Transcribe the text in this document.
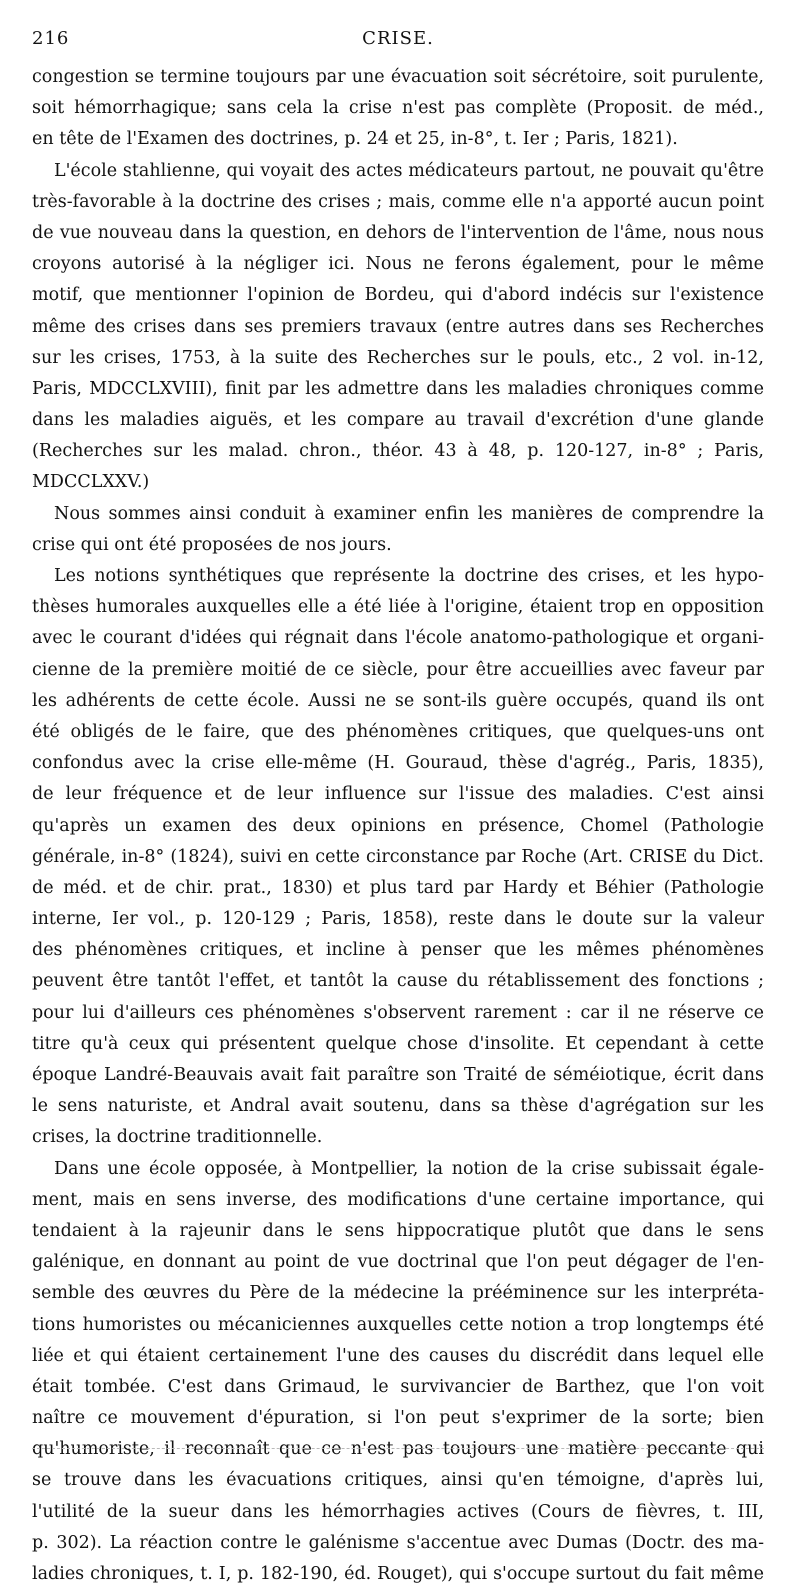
216	CRISE.
congestion se termine toujours par une évacuation soit sécrétoire, soit purulente,
soit hémorrhagique; sans cela la crise n'est pas complète (Proposit. de méd.,
en tête de l'Examen des doctrines, p. 24 et 25, in-8°, t. Ier ; Paris, 1821).
L'école stahlienne, qui voyait des actes médicateurs partout, ne pouvait qu'être
très-favorable à la doctrine des crises ; mais, comme elle n'a apporté aucun point
de vue nouveau dans la question, en dehors de l'intervention de l'âme, nous nous
croyons autorisé à la négliger ici. Nous ne ferons également, pour le même
motif, que mentionner l'opinion de Bordeu, qui d'abord indécis sur l'existence
même des crises dans ses premiers travaux (entre autres dans ses Recherches
sur les crises, 1753, à la suite des Recherches sur le pouls, etc., 2 vol. in-12,
Paris, MDCCLXVIII), finit par les admettre dans les maladies chroniques comme
dans les maladies aiguës, et les compare au travail d'excrétion d'une glande
(Recherches sur les malad. chron., théor. 43 à 48, p. 120-127, in-8° ; Paris,
MDCCLXXV.)
Nous sommes ainsi conduit à examiner enfin les manières de comprendre la
crise qui ont été proposées de nos jours.
Les notions synthétiques que représente la doctrine des crises, et les hypo-
thèses humorales auxquelles elle a été liée à l'origine, étaient trop en opposition
avec le courant d'idées qui régnait dans l'école anatomo-pathologique et organi-
cienne de la première moitié de ce siècle, pour être accueillies avec faveur par
les adhérents de cette école. Aussi ne se sont-ils guère occupés, quand ils ont
été obligés de le faire, que des phénomènes critiques, que quelques-uns ont
confondus avec la crise elle-même (H. Gouraud, thèse d'agrég., Paris, 1835),
de leur fréquence et de leur influence sur l'issue des maladies. C'est ainsi
qu'après un examen des deux opinions en présence, Chomel (Pathologie
générale, in-8° (1824), suivi en cette circonstance par Roche (Art. CRISE du Dict.
de méd. et de chir. prat., 1830) et plus tard par Hardy et Béhier (Pathologie
interne, Ier vol., p. 120-129 ; Paris, 1858), reste dans le doute sur la valeur
des phénomènes critiques, et incline à penser que les mêmes phénomènes
peuvent être tantôt l'effet, et tantôt la cause du rétablissement des fonctions ;
pour lui d'ailleurs ces phénomènes s'observent rarement : car il ne réserve ce
titre qu'à ceux qui présentent quelque chose d'insolite. Et cependant à cette
époque Landré-Beauvais avait fait paraître son Traité de séméiotique, écrit dans
le sens naturiste, et Andral avait soutenu, dans sa thèse d'agrégation sur les
crises, la doctrine traditionnelle.
Dans une école opposée, à Montpellier, la notion de la crise subissait égale-
ment, mais en sens inverse, des modifications d'une certaine importance, qui
tendaient à la rajeunir dans le sens hippocratique plutôt que dans le sens
galénique, en donnant au point de vue doctrinal que l'on peut dégager de l'en-
semble des œuvres du Père de la médecine la prééminence sur les interpréta-
tions humoristes ou mécaniciennes auxquelles cette notion a trop longtemps été
liée et qui étaient certainement l'une des causes du discrédit dans lequel elle
était tombée. C'est dans Grimaud, le survivancier de Barthez, que l'on voit
naître ce mouvement d'épuration, si l'on peut s'exprimer de la sorte; bien
qu'humoriste, il reconnaît que ce n'est pas toujours une matière peccante qui
se trouve dans les évacuations critiques, ainsi qu'en témoigne, d'après lui,
l'utilité de la sueur dans les hémorrhagies actives (Cours de fièvres, t. III,
p. 302). La réaction contre le galénisme s'accentue avec Dumas (Doctr. des ma-
ladies chroniques, t. I, p. 182-190, éd. Rouget), qui s'occupe surtout du fait même
